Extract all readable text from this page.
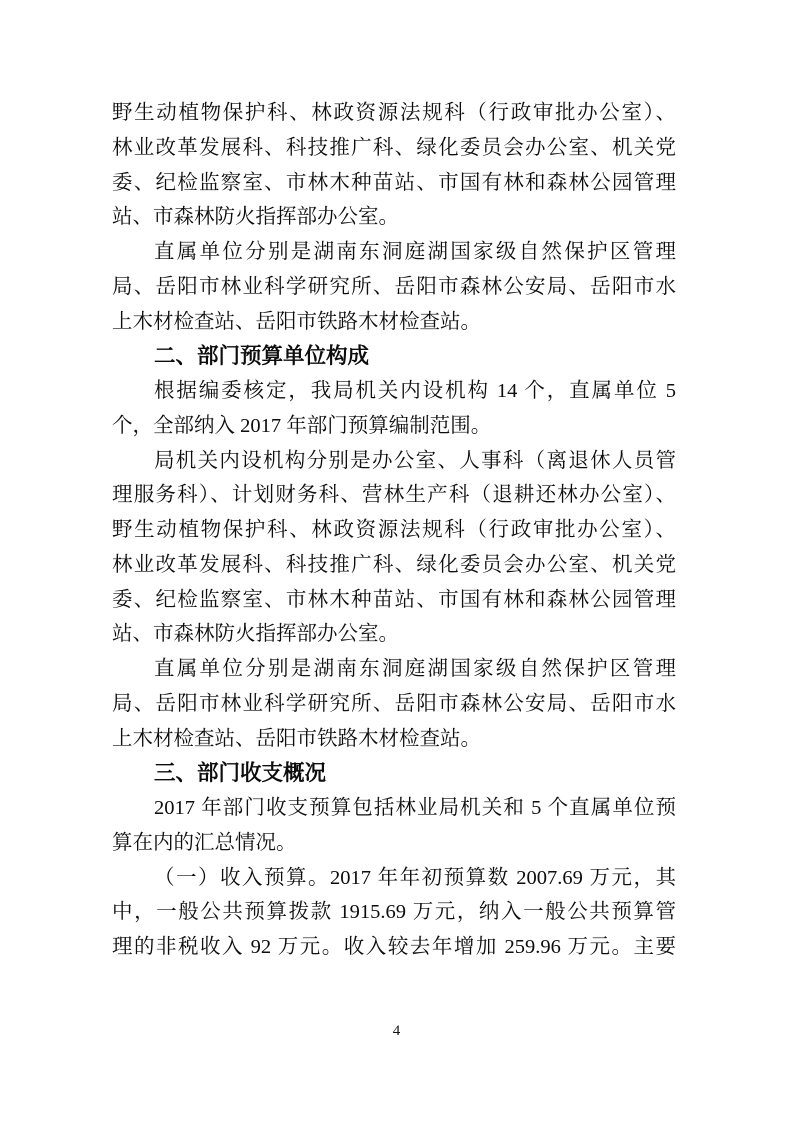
野生动植物保护科、林政资源法规科（行政审批办公室）、
林业改革发展科、科技推广科、绿化委员会办公室、机关党
委、纪检监察室、市林木种苗站、市国有林和森林公园管理
站、市森林防火指挥部办公室。
直属单位分别是湖南东洞庭湖国家级自然保护区管理
局、岳阳市林业科学研究所、岳阳市森林公安局、岳阳市水
上木材检查站、岳阳市铁路木材检查站。
二、部门预算单位构成
根据编委核定，我局机关内设机构 14 个，直属单位 5
个，全部纳入 2017 年部门预算编制范围。
局机关内设机构分别是办公室、人事科（离退休人员管
理服务科）、计划财务科、营林生产科（退耕还林办公室）、
野生动植物保护科、林政资源法规科（行政审批办公室）、
林业改革发展科、科技推广科、绿化委员会办公室、机关党
委、纪检监察室、市林木种苗站、市国有林和森林公园管理
站、市森林防火指挥部办公室。
直属单位分别是湖南东洞庭湖国家级自然保护区管理
局、岳阳市林业科学研究所、岳阳市森林公安局、岳阳市水
上木材检查站、岳阳市铁路木材检查站。
三、部门收支概况
2017 年部门收支预算包括林业局机关和 5 个直属单位预
算在内的汇总情况。
（一）收入预算。2017 年年初预算数 2007.69 万元，其
中，一般公共预算拨款 1915.69 万元，纳入一般公共预算管
理的非税收入 92 万元。收入较去年增加 259.96 万元。主要
4
